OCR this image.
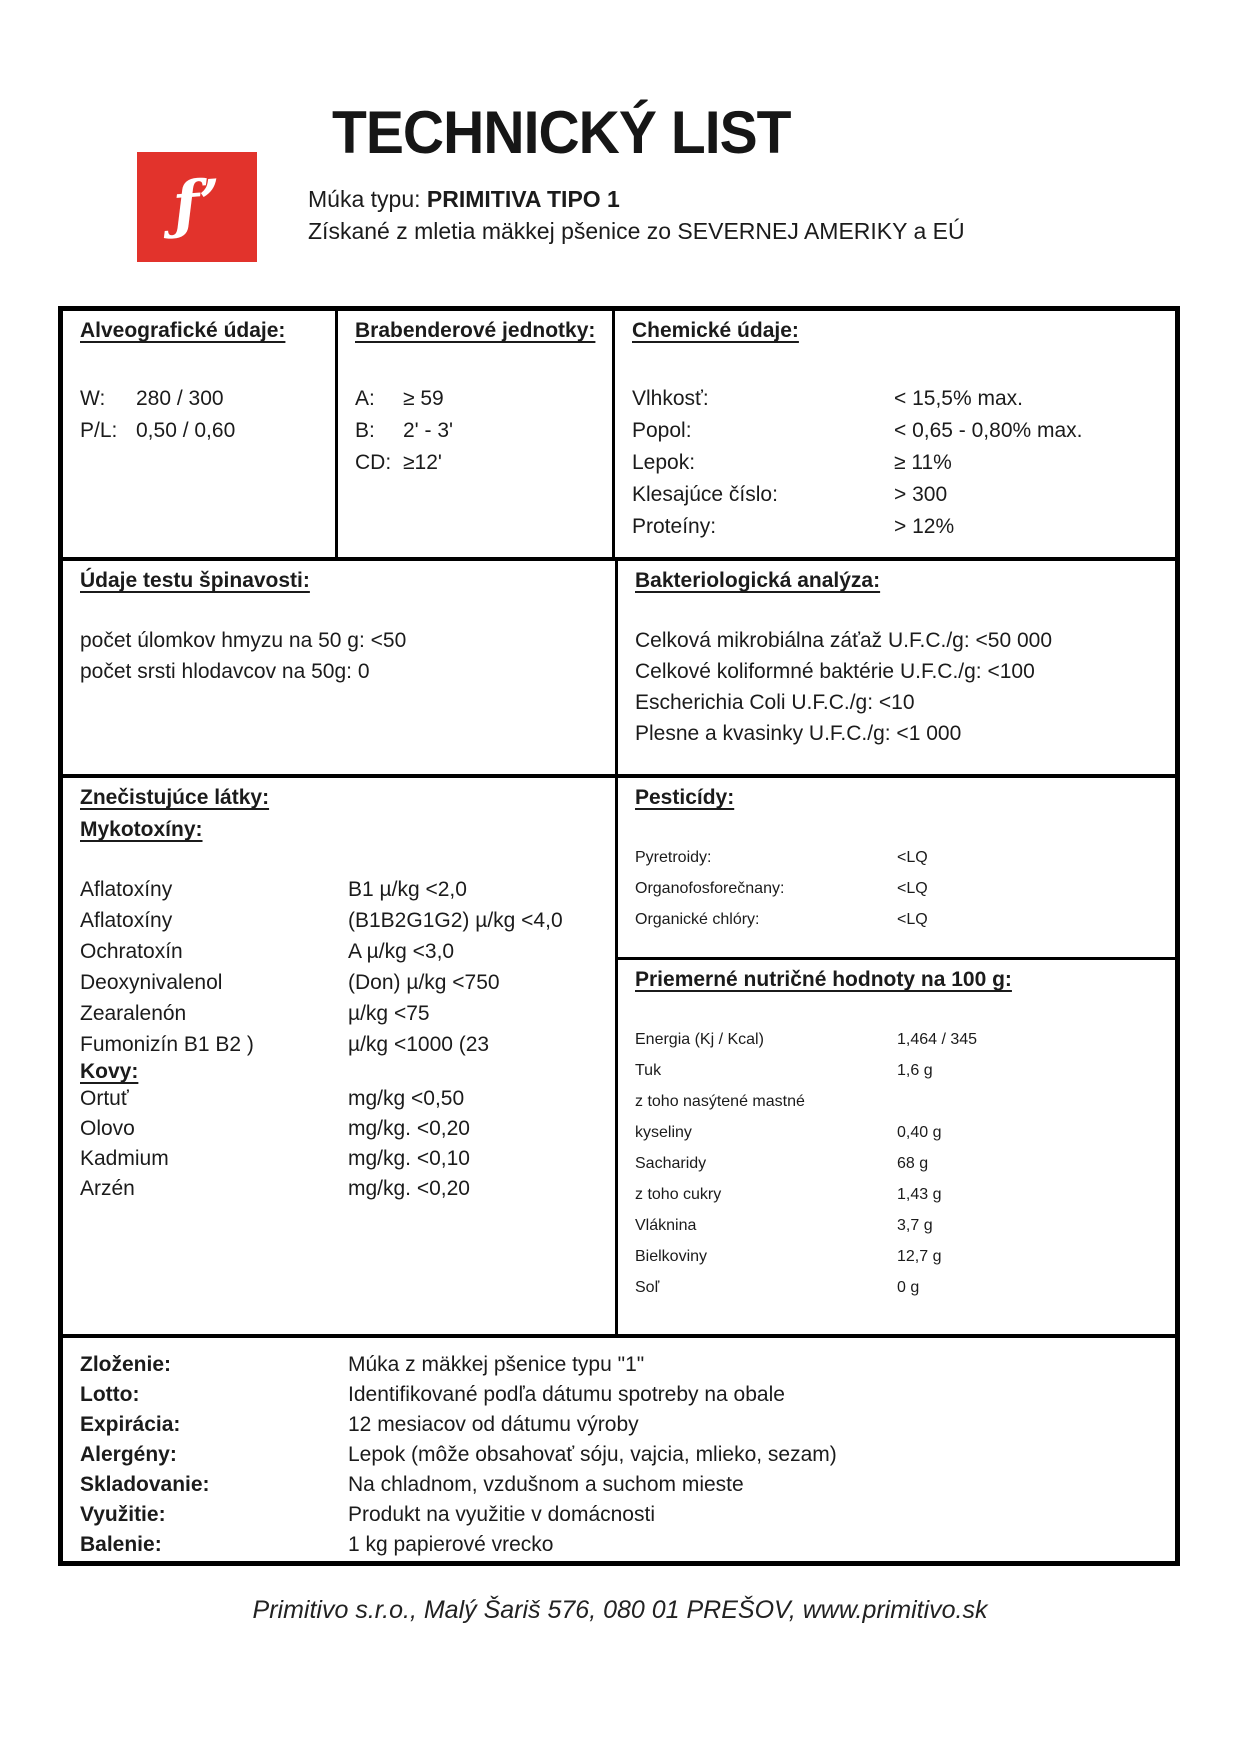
ƒ’
TECHNICKÝ LIST
Múka typu: PRIMITIVA TIPO 1
Získané z mletia mäkkej pšenice zo SEVERNEJ AMERIKY a EÚ
Alveografické údaje:
W:	280 / 300
P/L: 0,50 / 0,60
Brabenderové jednotky:
A:	≥ 59
B:	2' - 3'
CD: ≥12'
Chemické údaje:
Vlhkosť:	< 15,5% max.
Popol:	< 0,65 - 0,80% max.
Lepok:	≥ 11%
Klesajúce číslo:	> 300
Proteíny:	> 12%
Údaje testu špinavosti:
počet úlomkov hmyzu na 50 g: <50
počet srsti hlodavcov na 50g: 0
Bakteriologická analýza:
Celková mikrobiálna záťaž U.F.C./g: <50 000
Celkové koliformné baktérie U.F.C./g: <100
Escherichia Coli U.F.C./g: <10
Plesne a kvasinky U.F.C./g: <1 000
Znečistujúce látky:
Mykotoxíny:
Aflatoxíny	B1 µ/kg <2,0
Aflatoxíny	(B1B2G1G2) µ/kg <4,0
Ochratoxín	A µ/kg <3,0
Deoxynivalenol	(Don) µ/kg <750
Zearalenón	µ/kg <75
Fumonizín B1 B2 )	µ/kg <1000 (23
Kovy:
Ortuť	mg/kg <0,50
Olovo	mg/kg. <0,20
Kadmium	mg/kg. <0,10
Arzén	mg/kg. <0,20
Pesticídy:
Pyretroidy:	<LQ
Organofosforečnany:	<LQ
Organické chlóry:	<LQ
Priemerné nutričné hodnoty na 100 g:
Energia (Kj / Kcal)	1,464 / 345
Tuk	1,6 g
z toho nasýtené mastné
kyseliny	0,40 g
Sacharidy	68 g
z toho cukry	1,43 g
Vláknina	3,7 g
Bielkoviny	12,7 g
Soľ	0 g
Zloženie:	Múka z mäkkej pšenice typu "1"
Lotto:	Identifikované podľa dátumu spotreby na obale
Expirácia:	12 mesiacov od dátumu výroby
Alergény:	Lepok (môže obsahovať sóju, vajcia, mlieko, sezam)
Skladovanie:	Na chladnom, vzdušnom a suchom mieste
Využitie:	Produkt na využitie v domácnosti
Balenie:	1 kg papierové vrecko
Primitivo s.r.o., Malý Šariš 576, 080 01 PREŠOV, www.primitivo.sk
